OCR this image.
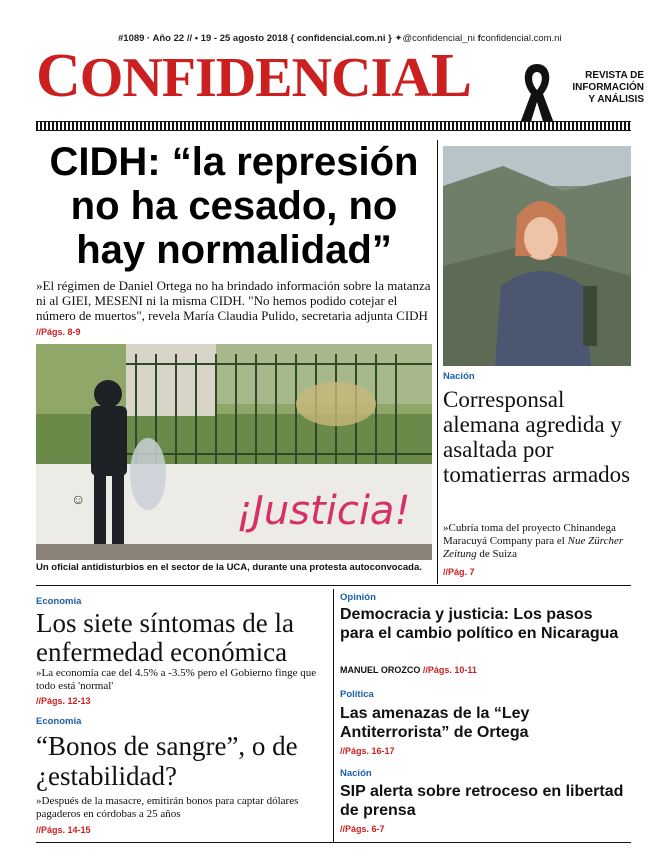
#1089 · Año 22 // • 19 - 25 agosto 2018 { confidencial.com.ni } ✦@confidencial_ni fconfidencial.com.ni
CONFIDENCIAL	REVISTA DE
INFORMACIÓN
Y ANÁLISIS
CIDH: “la represión no ha cesado, no hay normalidad”
»El régimen de Daniel Ortega no ha brindado información sobre la matanza ni al GIEI, MESENI ni la misma CIDH. "No hemos podido cotejar el número de muertos", revela María Claudia Pulido, secretaria adjunta CIDH //Págs. 8-9
☺	¡Justicia!
Un oficial antidisturbios en el sector de la UCA, durante una protesta autoconvocada.
Nación
Corresponsal alemana agredida y asaltada por tomatierras armados
»Cubría toma del proyecto Chinandega Maracuyá Company para el Nue Zürcher Zeitung de Suiza
//Pág. 7
Economía
Los siete síntomas de la enfermedad económica
»La economía cae del 4.5% a -3.5% pero el Gobierno finge que todo está 'normal'
//Págs. 12-13
Economía
“Bonos de sangre”, o de ¿estabilidad?
»Después de la masacre, emitirán bonos para captar dólares pagaderos en córdobas a 25 años
//Págs. 14-15
Opinión
Democracia y justicia: Los pasos para el cambio político en Nicaragua
MANUEL OROZCO //Págs. 10-11
Política
Las amenazas de la “Ley Antiterrorista” de Ortega
//Págs. 16-17
Nación
SIP alerta sobre retroceso en libertad de prensa
//Págs. 6-7
